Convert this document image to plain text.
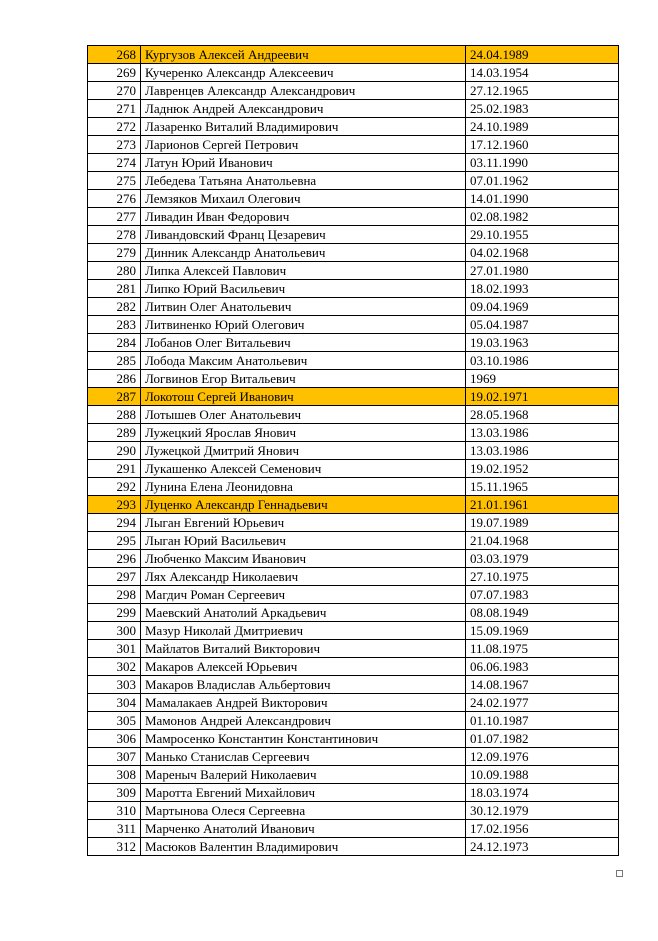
268	Кургузов Алексей Андреевич	24.04.1989
269	Кучеренко Александр Алексеевич	14.03.1954
270	Лавренцев Александр Александрович	27.12.1965
271	Ладнюк Андрей Александрович	25.02.1983
272	Лазаренко Виталий Владимирович	24.10.1989
273	Ларионов Сергей Петрович	17.12.1960
274	Латун Юрий Иванович	03.11.1990
275	Лебедева Татьяна Анатольевна	07.01.1962
276	Лемзяков Михаил Олегович	14.01.1990
277	Ливадин Иван Федорович	02.08.1982
278	Ливандовский Франц Цезаревич	29.10.1955
279	Динник Александр Анатольевич	04.02.1968
280	Липка Алексей Павлович	27.01.1980
281	Липко Юрий Васильевич	18.02.1993
282	Литвин Олег Анатольевич	09.04.1969
283	Литвиненко Юрий Олегович	05.04.1987
284	Лобанов Олег Витальевич	19.03.1963
285	Лобода Максим Анатольевич	03.10.1986
286	Логвинов Егор Витальевич	1969
287	Локотош Сергей Иванович	19.02.1971
288	Лотышев Олег Анатольевич	28.05.1968
289	Лужецкий Ярослав Янович	13.03.1986
290	Лужецкой Дмитрий Янович	13.03.1986
291	Лукашенко Алексей Семенович	19.02.1952
292	Лунина Елена Леонидовна	15.11.1965
293	Луценко Александр Геннадьевич	21.01.1961
294	Лыган Евгений Юрьевич	19.07.1989
295	Лыган Юрий Васильевич	21.04.1968
296	Любченко Максим Иванович	03.03.1979
297	Лях Александр Николаевич	27.10.1975
298	Магдич Роман Сергеевич	07.07.1983
299	Маевский Анатолий Аркадьевич	08.08.1949
300	Мазур Николай Дмитриевич	15.09.1969
301	Майлатов Виталий Викторович	11.08.1975
302	Макаров Алексей Юрьевич	06.06.1983
303	Макаров Владислав Альбертович	14.08.1967
304	Мамалакаев Андрей Викторович	24.02.1977
305	Мамонов Андрей Александрович	01.10.1987
306	Мамросенко Константин Константинович	01.07.1982
307	Манько Станислав Сергеевич	12.09.1976
308	Мареныч Валерий Николаевич	10.09.1988
309	Маротта Евгений Михайлович	18.03.1974
310	Мартынова Олеся Сергеевна	30.12.1979
311	Марченко Анатолий Иванович	17.02.1956
312	Масюков Валентин Владимирович	24.12.1973
